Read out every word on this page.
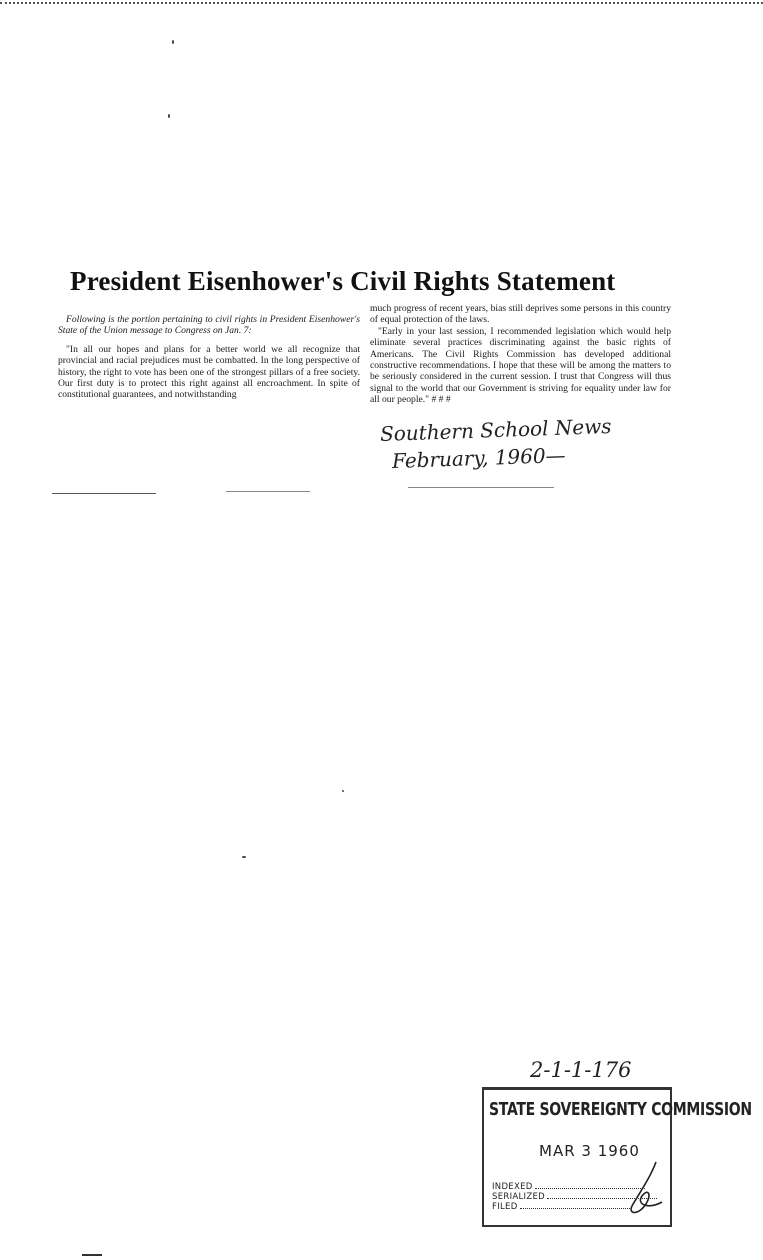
President Eisenhower's Civil Rights Statement

Following is the portion pertaining to civil rights in President Eisenhower's State of the Union message to Congress on Jan. 7:

"In all our hopes and plans for a better world we all recognize that provincial and racial prejudices must be combatted. In the long perspective of history, the right to vote has been one of the strongest pillars of a free society. Our first duty is to protect this right against all encroachment. In spite of constitutional guarantees, and notwithstanding

much progress of recent years, bias still deprives some persons in this country of equal protection of the laws.

"Early in your last session, I recommended legislation which would help eliminate several practices discriminating against the basic rights of Americans. The Civil Rights Commission has developed additional constructive recommendations. I hope that these will be among the matters to be seriously considered in the current session. I trust that Congress will thus signal to the world that our Government is striving for equality under law for all our people." # # #

Southern School News
February, 1960—
2-1-1-176
STATE SOVEREIGNTY COMMISSION
MAR 3 1960
INDEXED
SERIALIZED
FILED
